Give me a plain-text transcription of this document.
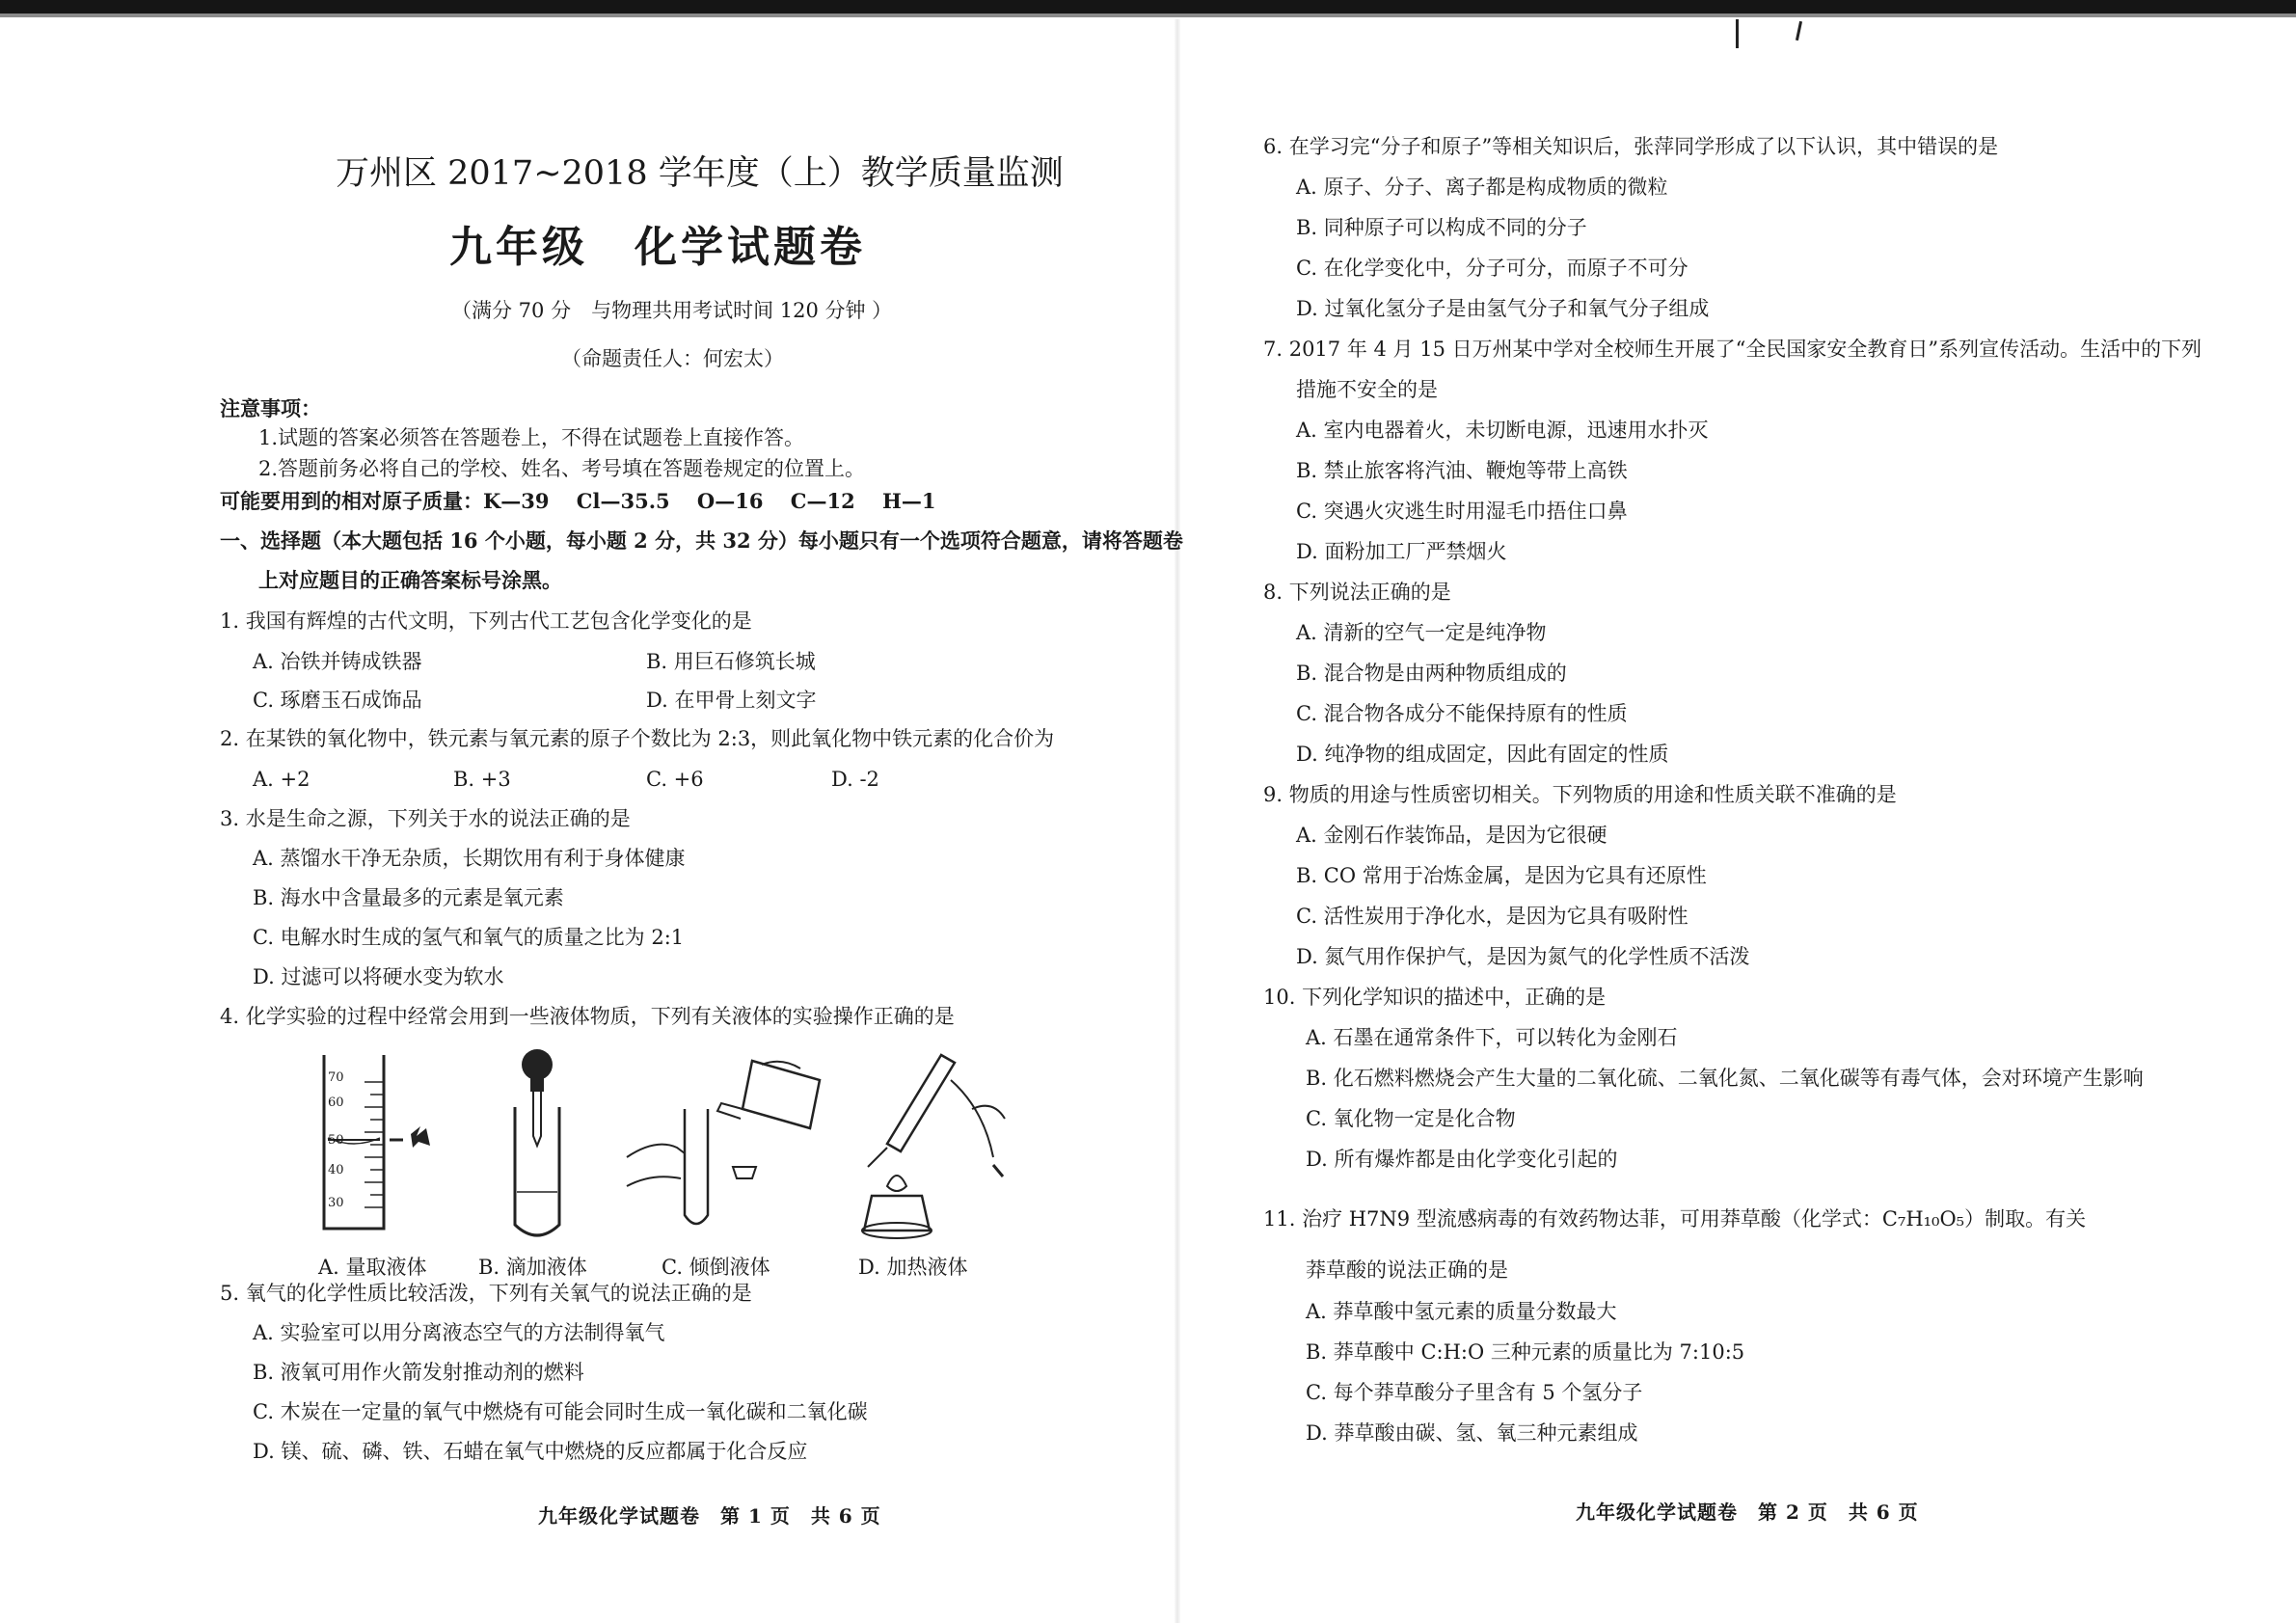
万州区 2017~2018 学年度（上）教学质量监测
九年级　化学试题卷
（满分 70 分　与物理共用考试时间 120 分钟 ）
（命题责任人：何宏太）
注意事项：
1.试题的答案必须答在答题卷上，不得在试题卷上直接作答。
2.答题前务必将自己的学校、姓名、考号填在答题卷规定的位置上。
可能要用到的相对原子质量：K—39　 Cl—35.5　 O—16　 C—12　 H—1
一、选择题（本大题包括 16 个小题，每小题 2 分，共 32 分）每小题只有一个选项符合题意，请将答题卷
上对应题目的正确答案标号涂黑。
1. 我国有辉煌的古代文明，下列古代工艺包含化学变化的是
A. 冶铁并铸成铁器	B. 用巨石修筑长城
C. 琢磨玉石成饰品	D. 在甲骨上刻文字
2. 在某铁的氧化物中，铁元素与氧元素的原子个数比为 2:3，则此氧化物中铁元素的化合价为
A. +2	B. +3	C. +6	D. -2
3. 水是生命之源，下列关于水的说法正确的是
A. 蒸馏水干净无杂质，长期饮用有利于身体健康
B. 海水中含量最多的元素是氧元素
C. 电解水时生成的氢气和氧气的质量之比为 2:1
D. 过滤可以将硬水变为软水
4. 化学实验的过程中经常会用到一些液体物质，下列有关液体的实验操作正确的是
70
60
50
40
30
A. 量取液体	B. 滴加液体	C. 倾倒液体	D. 加热液体
5. 氧气的化学性质比较活泼，下列有关氧气的说法正确的是
A. 实验室可以用分离液态空气的方法制得氧气
B. 液氧可用作火箭发射推动剂的燃料
C. 木炭在一定量的氧气中燃烧有可能会同时生成一氧化碳和二氧化碳
D. 镁、硫、磷、铁、石蜡在氧气中燃烧的反应都属于化合反应
九年级化学试题卷　第 1 页　共 6 页
6. 在学习完“分子和原子”等相关知识后，张萍同学形成了以下认识，其中错误的是
A. 原子、分子、离子都是构成物质的微粒
B. 同种原子可以构成不同的分子
C. 在化学变化中，分子可分，而原子不可分
D. 过氧化氢分子是由氢气分子和氧气分子组成
7. 2017 年 4 月 15 日万州某中学对全校师生开展了“全民国家安全教育日”系列宣传活动。生活中的下列
措施不安全的是
A. 室内电器着火，未切断电源，迅速用水扑灭
B. 禁止旅客将汽油、鞭炮等带上高铁
C. 突遇火灾逃生时用湿毛巾捂住口鼻
D. 面粉加工厂严禁烟火
8. 下列说法正确的是
A. 清新的空气一定是纯净物
B. 混合物是由两种物质组成的
C. 混合物各成分不能保持原有的性质
D. 纯净物的组成固定，因此有固定的性质
9. 物质的用途与性质密切相关。下列物质的用途和性质关联不准确的是
A. 金刚石作装饰品，是因为它很硬
B. CO 常用于冶炼金属，是因为它具有还原性
C. 活性炭用于净化水，是因为它具有吸附性
D. 氮气用作保护气，是因为氮气的化学性质不活泼
10. 下列化学知识的描述中，正确的是
A. 石墨在通常条件下，可以转化为金刚石
B. 化石燃料燃烧会产生大量的二氧化硫、二氧化氮、二氧化碳等有毒气体，会对环境产生影响
C. 氧化物一定是化合物
D. 所有爆炸都是由化学变化引起的
11. 治疗 H7N9 型流感病毒的有效药物达菲，可用莽草酸（化学式：C₇H₁₀O₅）制取。有关
莽草酸的说法正确的是
A. 莽草酸中氢元素的质量分数最大
B. 莽草酸中 C:H:O 三种元素的质量比为 7:10:5
C. 每个莽草酸分子里含有 5 个氢分子
D. 莽草酸由碳、氢、氧三种元素组成
九年级化学试题卷　第 2 页　共 6 页
